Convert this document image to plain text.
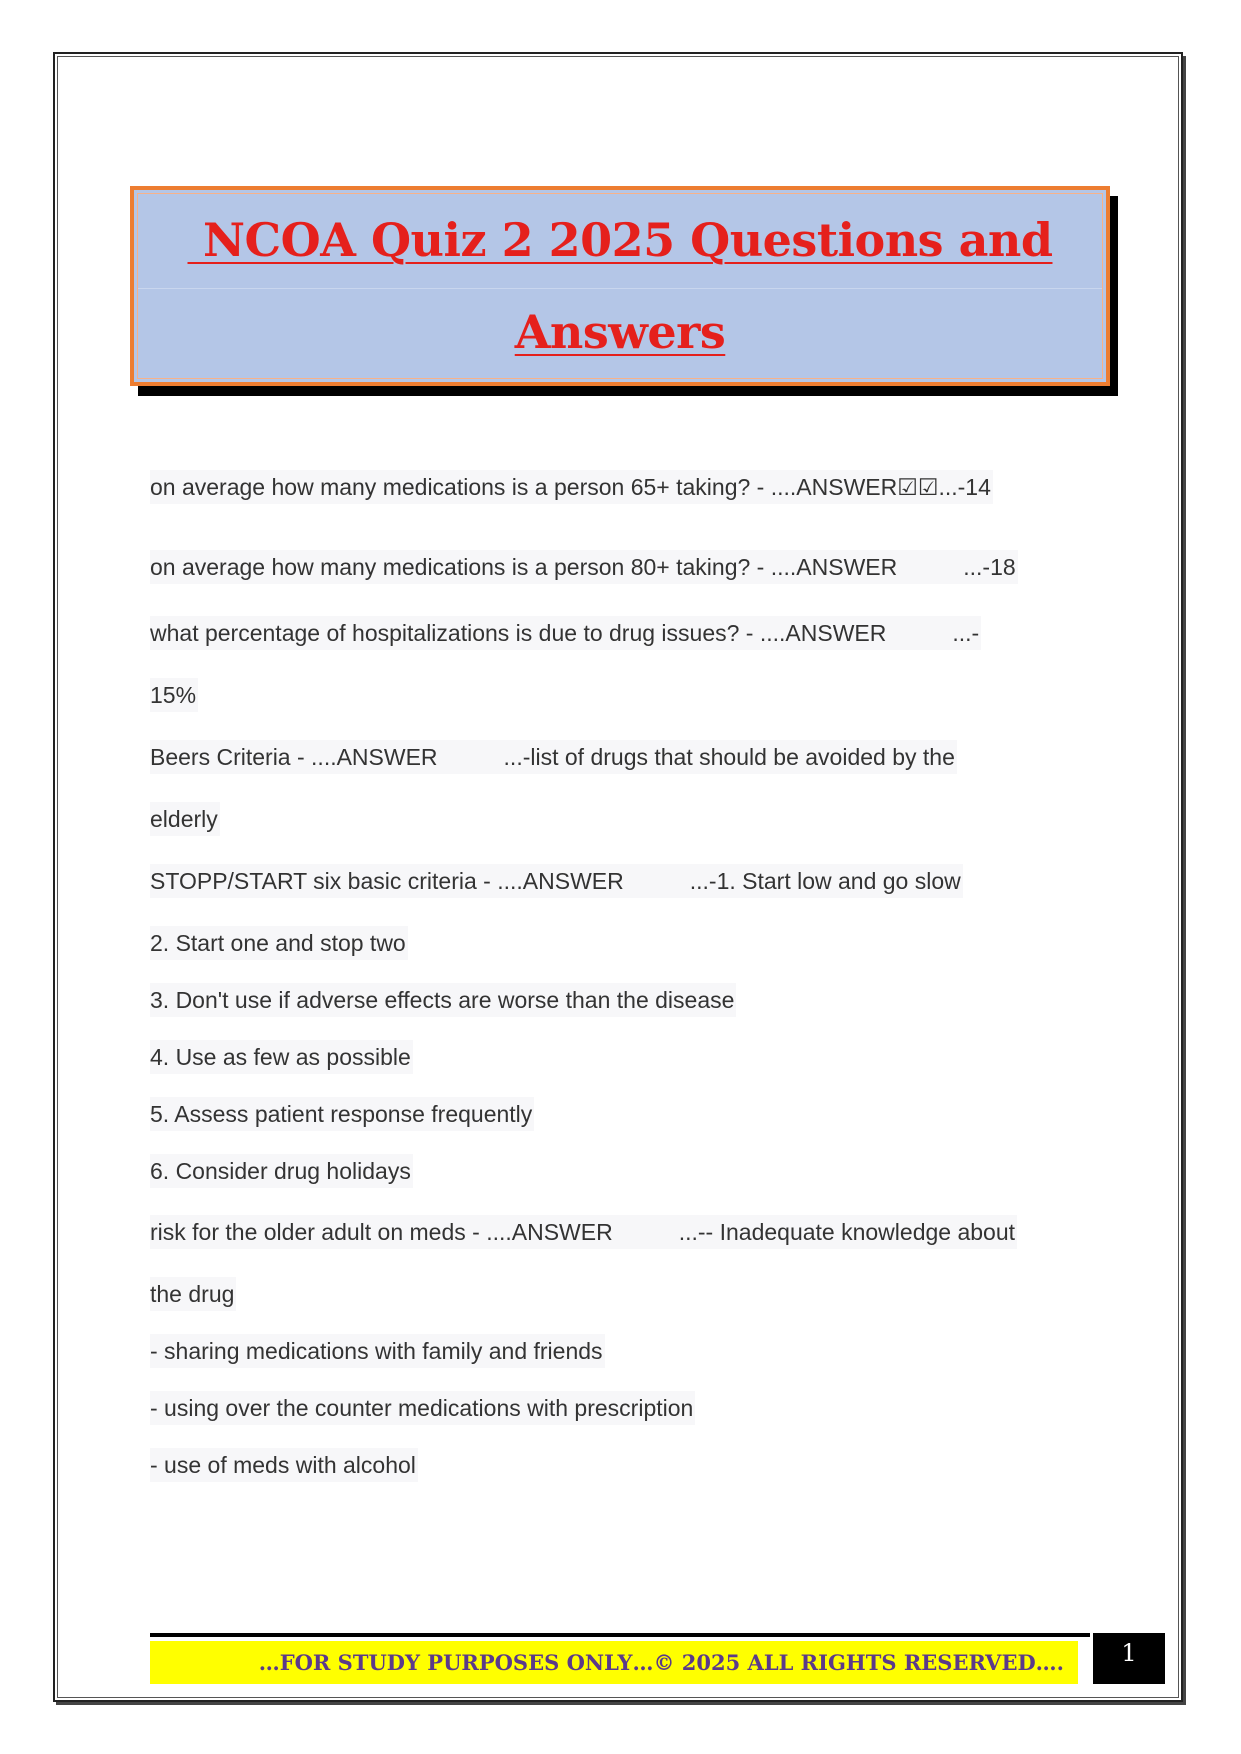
NCOA Quiz 2 2025 Questions and
Answers
on average how many medications is a person 65+ taking? - ....ANSWER☑☑...-14
on average how many medications is a person 80+ taking? - ....ANSWER	...-18
what percentage of hospitalizations is due to drug issues? - ....ANSWER	...-
15%
Beers Criteria - ....ANSWER	...-list of drugs that should be avoided by the
elderly
STOPP/START six basic criteria - ....ANSWER	...-1. Start low and go slow
2. Start one and stop two
3. Don't use if adverse effects are worse than the disease
4. Use as few as possible
5. Assess patient response frequently
6. Consider drug holidays
risk for the older adult on meds - ....ANSWER	...-- Inadequate knowledge about
the drug
- sharing medications with family and friends
- using over the counter medications with prescription
- use of meds with alcohol
…FOR STUDY PURPOSES ONLY…© 2025 ALL RIGHTS RESERVED…. 1
